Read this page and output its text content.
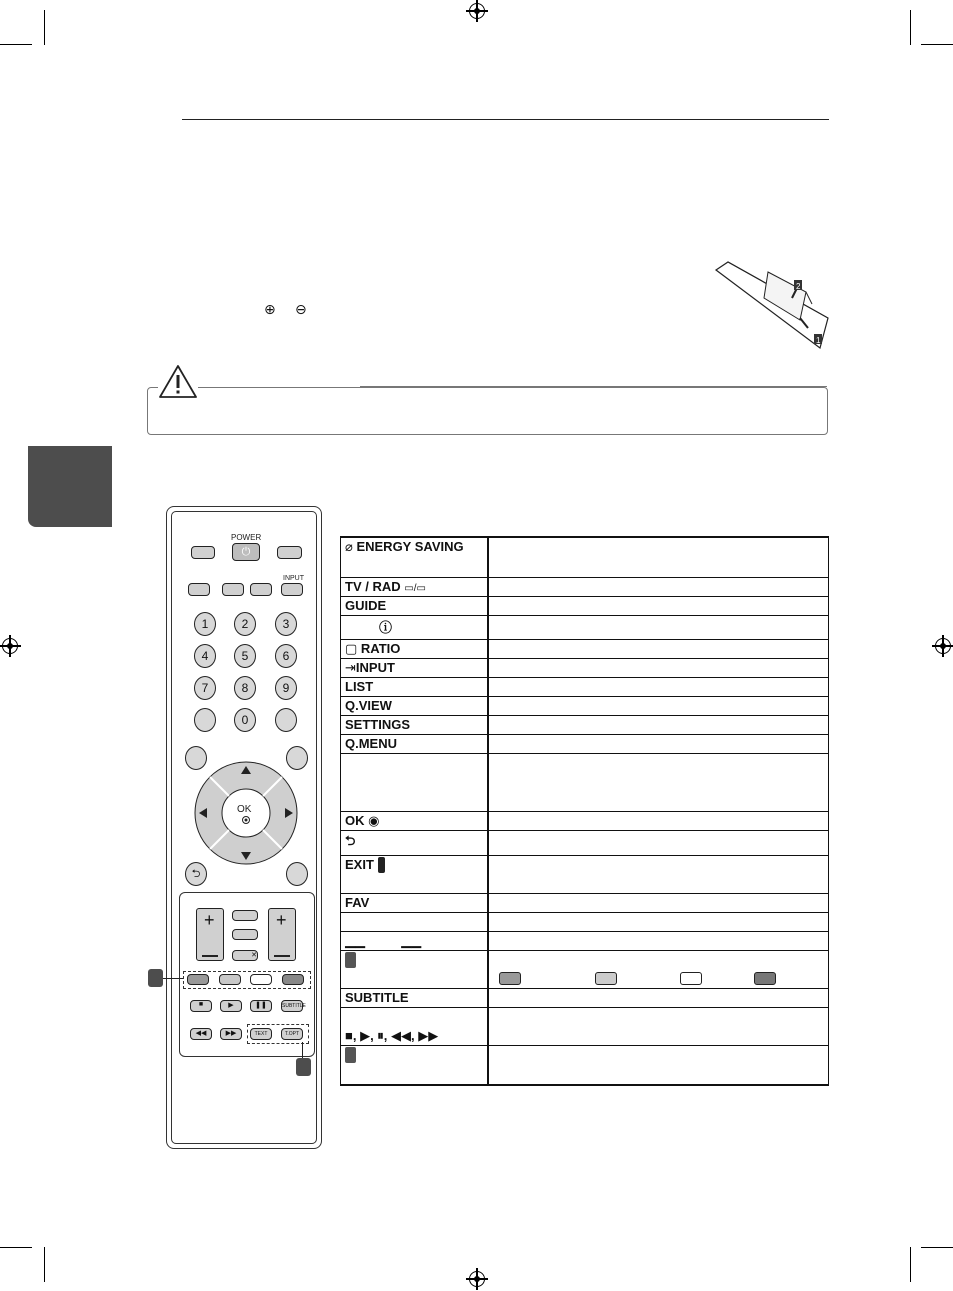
⊕ ⊖
2
1
POWER
⏻
INPUT
1	2	3
4	5	6
7	8	9
0
OK
⮌
+
✕
+
■	▶	❚❚	SUBTITLE
◀◀	▶▶	TEXT	T.OPT
⌀ ENERGY SAVING	
TV / RAD ▭/▭	
GUIDE	
ⓘ	
▢ RATIO	
⇥INPUT	
LIST	
Q.VIEW	
SETTINGS	
Q.MENU	

OK ◉	
⮌	
EXIT	
FAV	

▁▁          ▁▁	

SUBTITLE	
■, ▶, ⏸, ◀◀, ▶▶	
